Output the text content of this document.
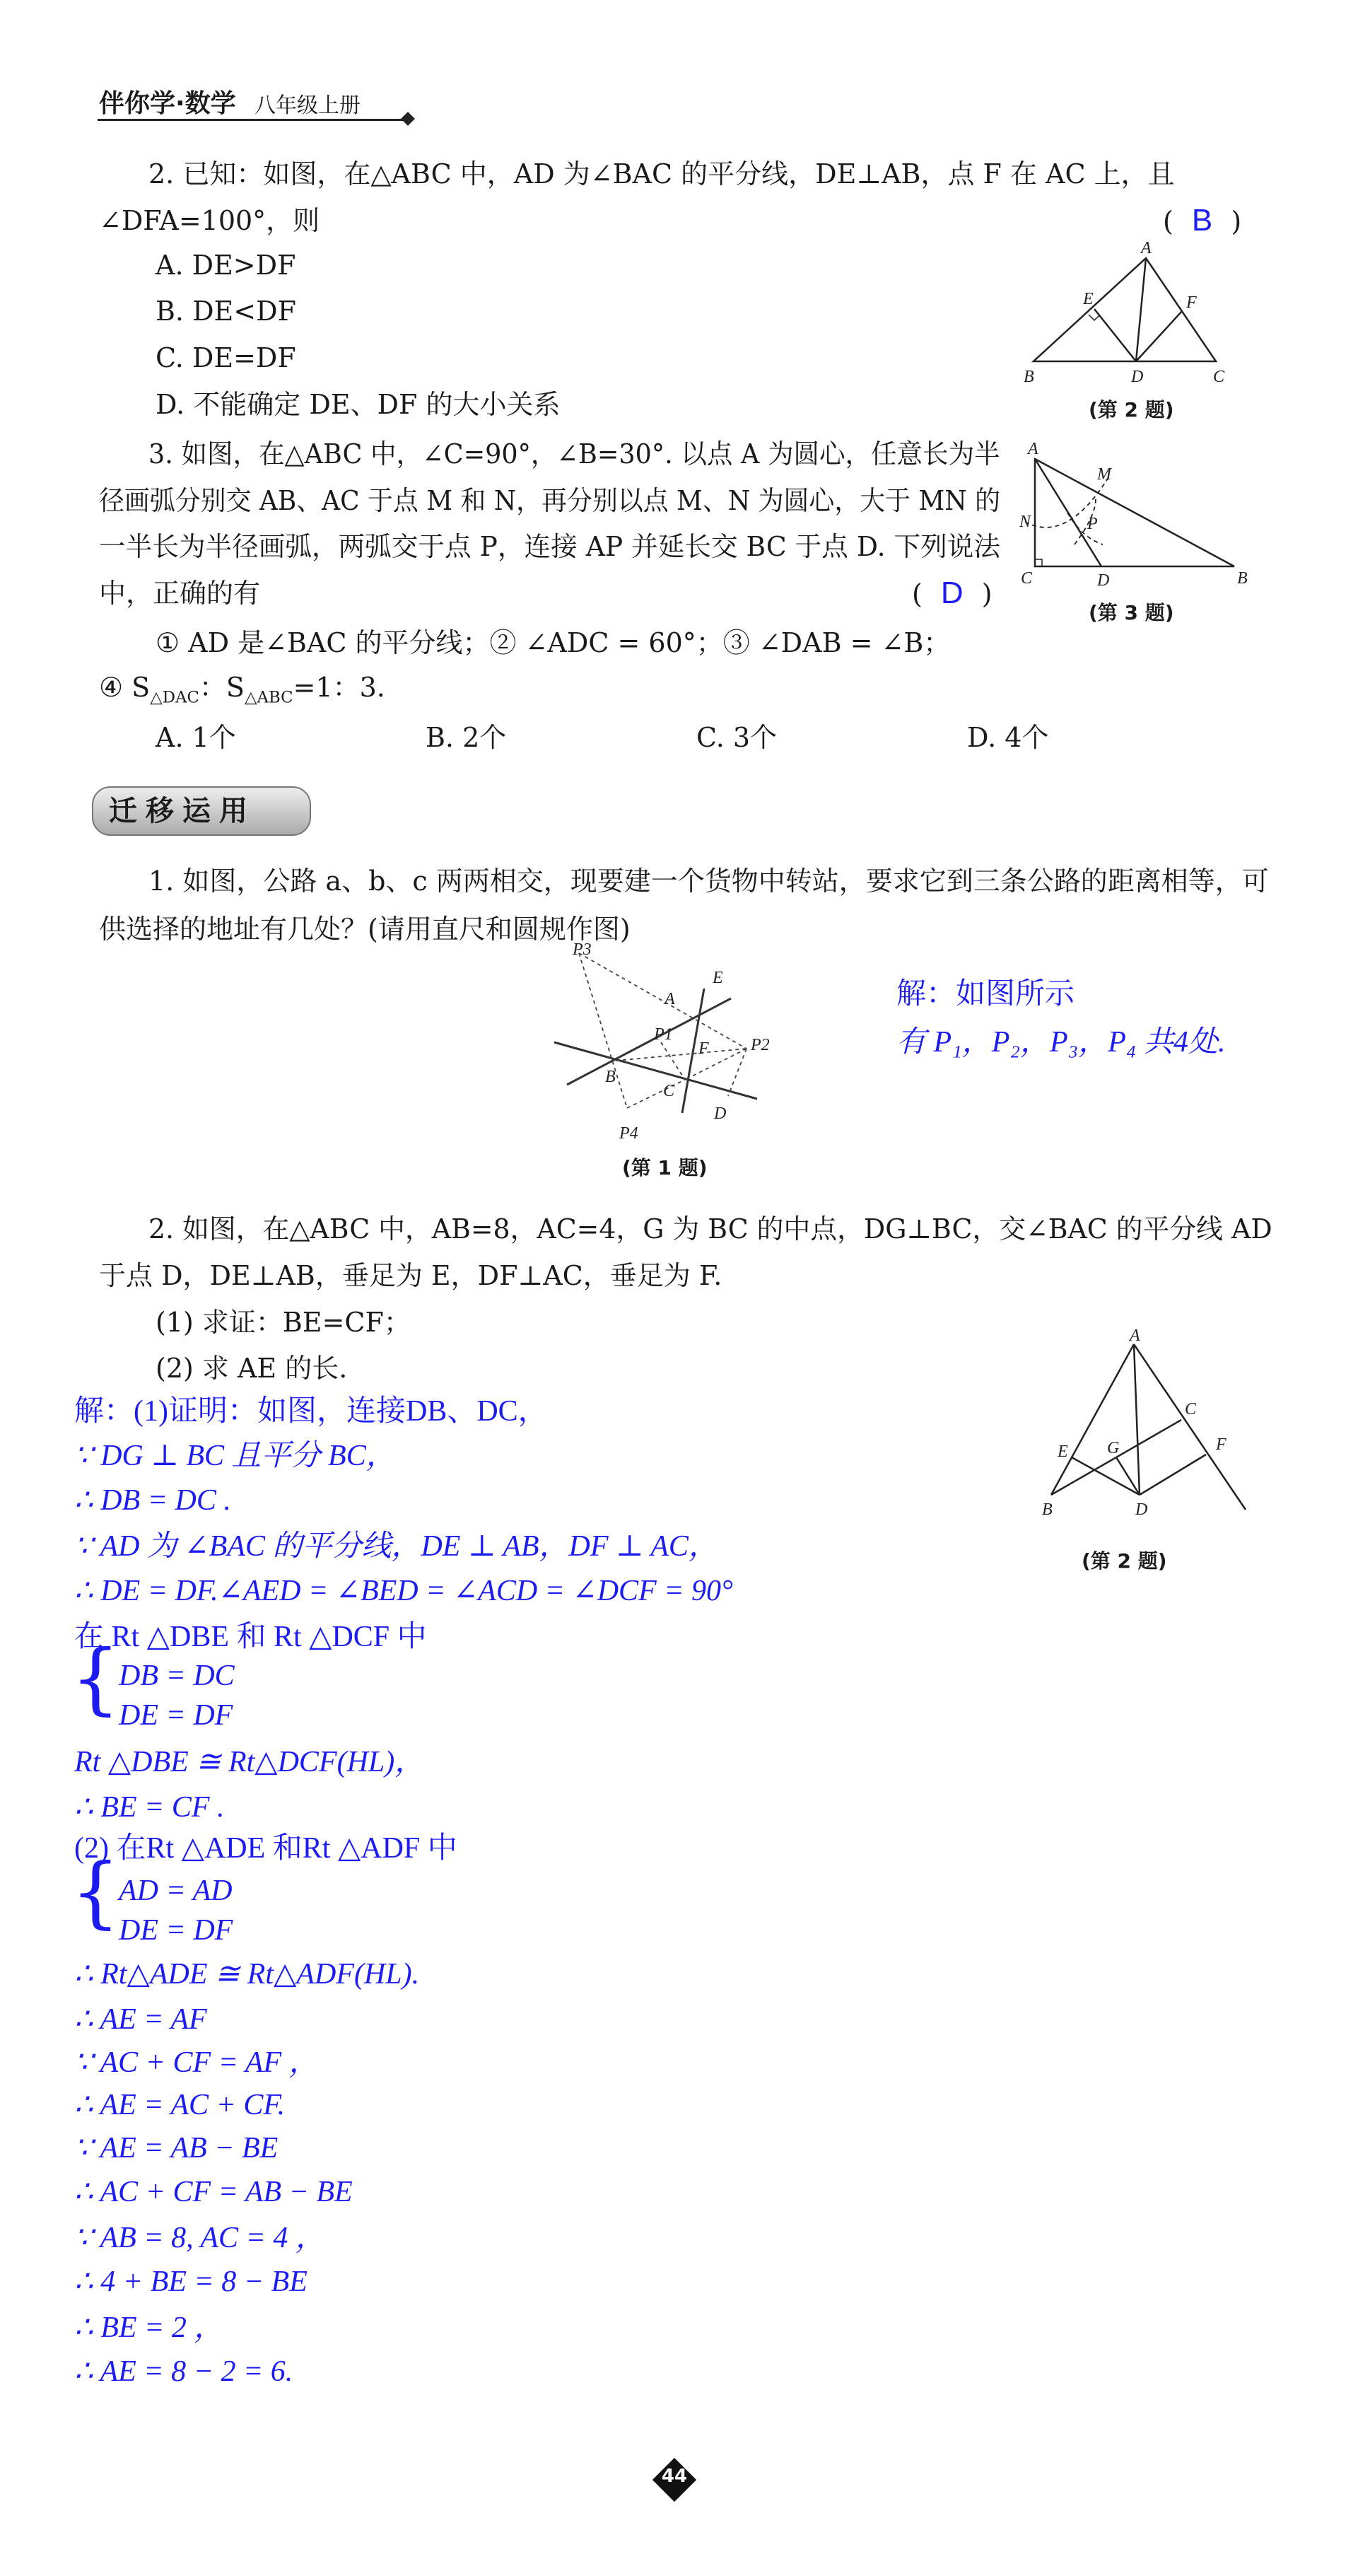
伴你学·数学 八年级上册
2. 已知：如图，在△ABC 中，AD 为∠BAC 的平分线，DE⊥AB，点 F 在 AC 上，且
∠DFA=100°，则	( B )
A. DE>DF
B. DE<DF
C. DE=DF
D. 不能确定 DE、DF 的大小关系
A
B	C
D
E	F
(第 2 题)
3. 如图，在△ABC 中，∠C=90°，∠B=30°. 以点 A 为圆心，任意长为半
径画弧分别交 AB、AC 于点 M 和 N，再分别以点 M、N 为圆心，大于 MN 的
一半长为半径画弧，两弧交于点 P，连接 AP 并延长交 BC 于点 D. 下列说法
中，正确的有	( D )
① AD 是∠BAC 的平分线；② ∠ADC = 60°；③ ∠DAB = ∠B；
④ $S_{\triangle DAC}$：$S_{\triangle ABC}=1$：3.
A. 1个	B. 2个	C. 3个	D. 4个
A
B
C	D
M
N	P
(第 3 题)
迁移运用
1. 如图，公路 a、b、c 两两相交，现要建一个货物中转站，要求它到三条公路的距离相等，可
供选择的地址有几处？(请用直尺和圆规作图)
P3
A
E
P1
F P2
B
C
D
P4
(第 1 题)
解：如图所示
有 P₁，P₂，P₃，P₄ 共4处.
2. 如图，在△ABC 中，AB=8，AC=4，G 为 BC 的中点，DG⊥BC，交∠BAC 的平分线 AD
于点 D，DE⊥AB，垂足为 E，DF⊥AC，垂足为 F.
(1) 求证：BE=CF；
(2) 求 AE 的长.
A
B
C
D
E	F
G
(第 2 题)
解：(1)证明：如图，连接DB、DC，
∵ DG ⊥ BC 且平分 BC，
∴ DB = DC .
∵ AD 为 ∠BAC 的平分线，DE ⊥ AB，DF ⊥ AC，
∴ DE = DF.∠AED = ∠BED = ∠ACD = ∠DCF = 90°
在 Rt △DBE 和 Rt △DCF 中
{
DB = DC
DE = DF
Rt △DBE ≅ Rt△DCF(HL)，
∴ BE = CF .
(2) 在Rt △ADE 和Rt △ADF 中
{
AD = AD
DE = DF
∴ Rt△ADE ≅ Rt△ADF(HL).
∴ AE = AF
∵ AC + CF = AF ，
∴ AE = AC + CF.
∵ AE = AB − BE
∴ AC + CF = AB − BE
∵ AB = 8, AC = 4 ，
∴ 4 + BE = 8 − BE
∴ BE = 2 ，
∴ AE = 8 − 2 = 6.
44
